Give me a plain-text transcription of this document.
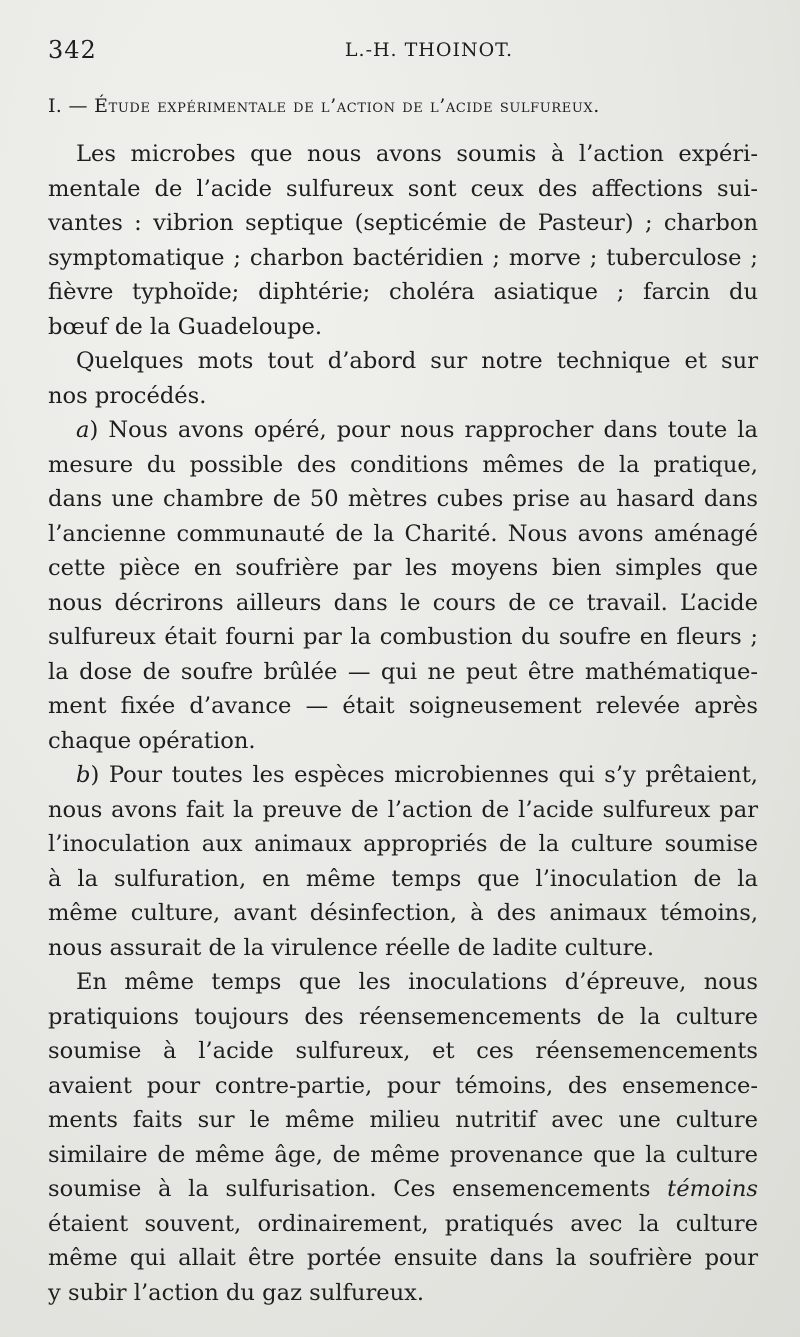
342	L.-H. THOINOT.
I. — Étude expérimentale de l’action de l’acide sulfureux.
Les microbes que nous avons soumis à l’action expéri-
mentale de l’acide sulfureux sont ceux des affections sui-
vantes : vibrion septique (septicémie de Pasteur) ; charbon
symptomatique ; charbon bactéridien ; morve ; tuberculose ;
fièvre typhoïde; diphtérie; choléra asiatique ; farcin du
bœuf de la Guadeloupe.
Quelques mots tout d’abord sur notre technique et sur
nos procédés.
a) Nous avons opéré, pour nous rapprocher dans toute la
mesure du possible des conditions mêmes de la pratique,
dans une chambre de 50 mètres cubes prise au hasard dans
l’ancienne communauté de la Charité. Nous avons aménagé
cette pièce en soufrière par les moyens bien simples que
nous décrirons ailleurs dans le cours de ce travail. L’acide
sulfureux était fourni par la combustion du soufre en fleurs ;
la dose de soufre brûlée — qui ne peut être mathématique-
ment fixée d’avance — était soigneusement relevée après
chaque opération.
b) Pour toutes les espèces microbiennes qui s’y prêtaient,
nous avons fait la preuve de l’action de l’acide sulfureux par
l’inoculation aux animaux appropriés de la culture soumise
à la sulfuration, en même temps que l’inoculation de la
même culture, avant désinfection, à des animaux témoins,
nous assurait de la virulence réelle de ladite culture.
En même temps que les inoculations d’épreuve, nous
pratiquions toujours des réensemencements de la culture
soumise à l’acide sulfureux, et ces réensemencements
avaient pour contre-partie, pour témoins, des ensemence-
ments faits sur le même milieu nutritif avec une culture
similaire de même âge, de même provenance que la culture
soumise à la sulfurisation. Ces ensemencements témoins
étaient souvent, ordinairement, pratiqués avec la culture
même qui allait être portée ensuite dans la soufrière pour
y subir l’action du gaz sulfureux.
